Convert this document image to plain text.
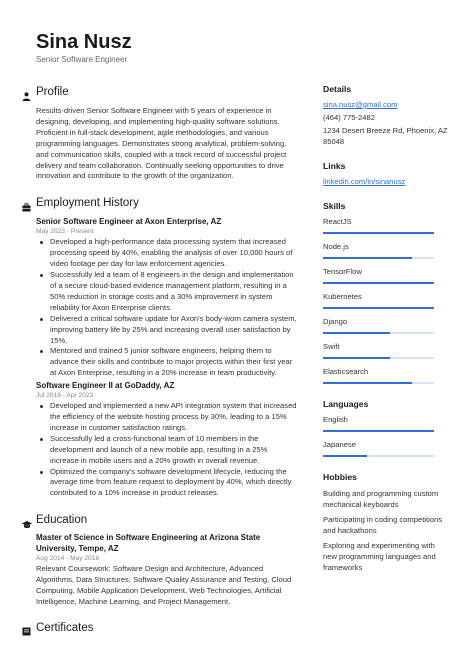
Sina Nusz
Senior Software Engineer
Profile
Results-driven Senior Software Engineer with 5 years of experience in designing, developing, and implementing high-quality software solutions. Proficient in full-stack development, agile methodologies, and various programming languages. Demonstrates strong analytical, problem-solving, and communication skills, coupled with a track record of successful project delivery and team collaboration. Continually seeking opportunities to drive innovation and contribute to the growth of the organization.
Employment History
Senior Software Engineer at Axon Enterprise, AZ
May 2023 - Present
Developed a high-performance data processing system that increased processing speed by 40%, enabling the analysis of over 10,000 hours of video footage per day for law enforcement agencies.
Successfully led a team of 8 engineers in the design and implementation of a secure cloud-based evidence management platform, resulting in a 50% reduction in storage costs and a 30% improvement in system reliability for Axon Enterprise clients.
Delivered a critical software update for Axon's body-worn camera system, improving battery life by 25% and increasing overall user satisfaction by 15%.
Mentored and trained 5 junior software engineers, helping them to advance their skills and contribute to major projects within their first year at Axon Enterprise, resulting in a 20% increase in team productivity.
Software Engineer II at GoDaddy, AZ
Jul 2018 - Apr 2023
Developed and implemented a new API integration system that increased the efficiency of the website hosting process by 30%, leading to a 15% increase in customer satisfaction ratings.
Successfully led a cross-functional team of 10 members in the development and launch of a new mobile app, resulting in a 25% increase in mobile users and a 20% growth in overall revenue.
Optimized the company's software development lifecycle, reducing the average time from feature request to deployment by 40%, which directly contributed to a 10% increase in product releases.
Education
Master of Science in Software Engineering at Arizona State University, Tempe, AZ
Aug 2014 - May 2018
Relevant Coursework: Software Design and Architecture, Advanced Algorithms, Data Structures, Software Quality Assurance and Testing, Cloud Computing, Mobile Application Development, Web Technologies, Artificial Intelligence, Machine Learning, and Project Management.
Certificates
Details
sina.nusz@gmail.com
(464) 775-2482
1234 Desert Breeze Rd, Phoenix, AZ 85048
Links
linkedin.com/in/sinanusz
Skills
ReactJS
Node.js
TensorFlow
Kubernetes
Django
Swift
Elasticsearch
Languages
English
Japanese
Hobbies
Building and programming custom mechanical keyboards
Participating in coding competitions and hackathons
Exploring and experimenting with new programming languages and frameworks
